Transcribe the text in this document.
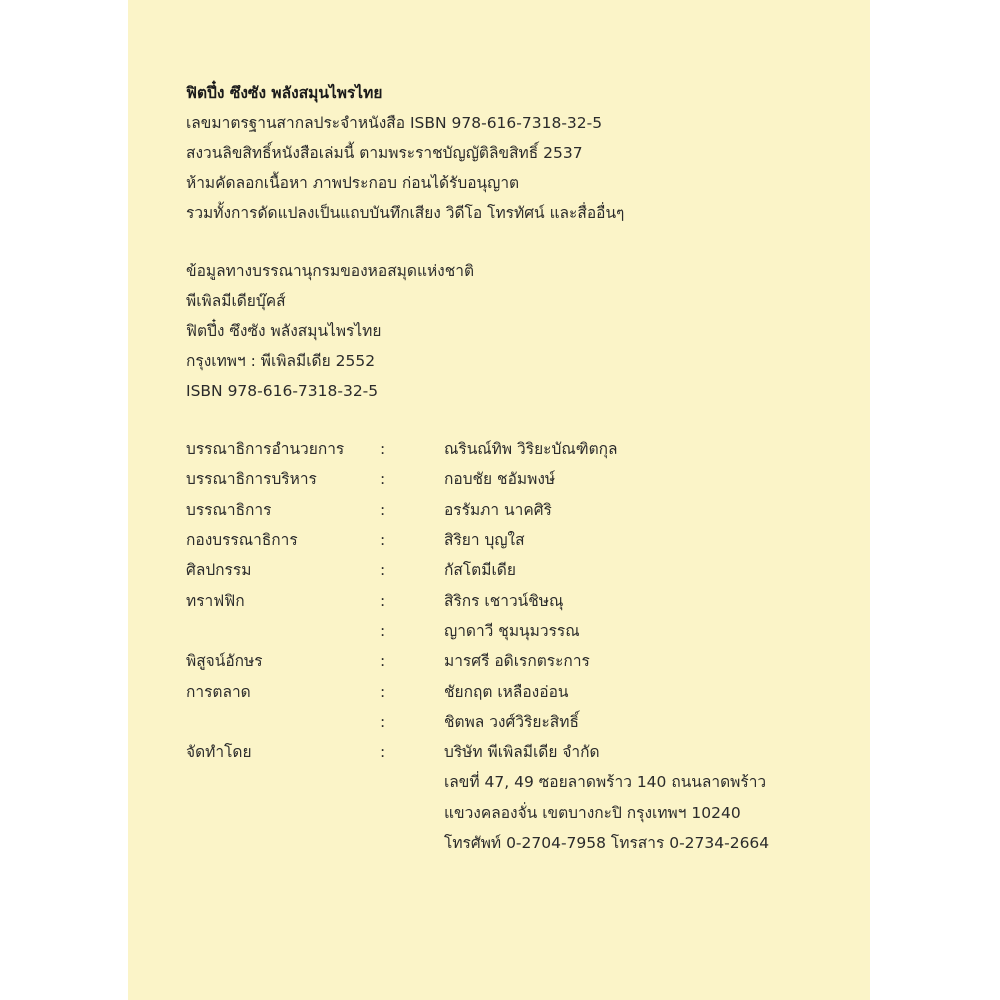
ฟิตปึ๋ง ซึงซัง พลังสมุนไพรไทย
เลขมาตรฐานสากลประจำหนังสือ ISBN 978-616-7318-32-5
สงวนลิขสิทธิ์หนังสือเล่มนี้ ตามพระราชบัญญัติลิขสิทธิ์ 2537
ห้ามคัดลอกเนื้อหา ภาพประกอบ ก่อนได้รับอนุญาต
รวมทั้งการดัดแปลงเป็นแถบบันทึกเสียง วิดีโอ โทรทัศน์ และสื่ออื่นๆ
ข้อมูลทางบรรณานุกรมของหอสมุดแห่งชาติ
พีเพิลมีเดียบุ๊คส์
ฟิตปึ๋ง ซึงซัง พลังสมุนไพรไทย
กรุงเทพฯ : พีเพิลมีเดีย 2552
ISBN 978-616-7318-32-5
บรรณาธิการอำนวยการ	:	ณรินณ์ทิพ วิริยะบัณฑิตกุล
บรรณาธิการบริหาร	:	กอบชัย ชอัมพงษ์
บรรณาธิการ	:	อรรัมภา นาคศิริ
กองบรรณาธิการ	:	สิริยา บุญใส
ศิลปกรรม	:	กัสโตมีเดีย
ทราฟฟิก	:	สิริกร เชาวน์ชิษณุ
:	ญาดาวี ชุมนุมวรรณ
พิสูจน์อักษร	:	มารศรี อดิเรกตระการ
การตลาด	:	ชัยกฤต เหลืองอ่อน
:	ชิตพล วงศ์วิริยะสิทธิ์
จัดทำโดย	:	บริษัท พีเพิลมีเดีย จำกัด
เลขที่ 47, 49 ซอยลาดพร้าว 140 ถนนลาดพร้าว
แขวงคลองจั่น เขตบางกะปิ กรุงเทพฯ 10240
โทรศัพท์ 0-2704-7958 โทรสาร 0-2734-2664
